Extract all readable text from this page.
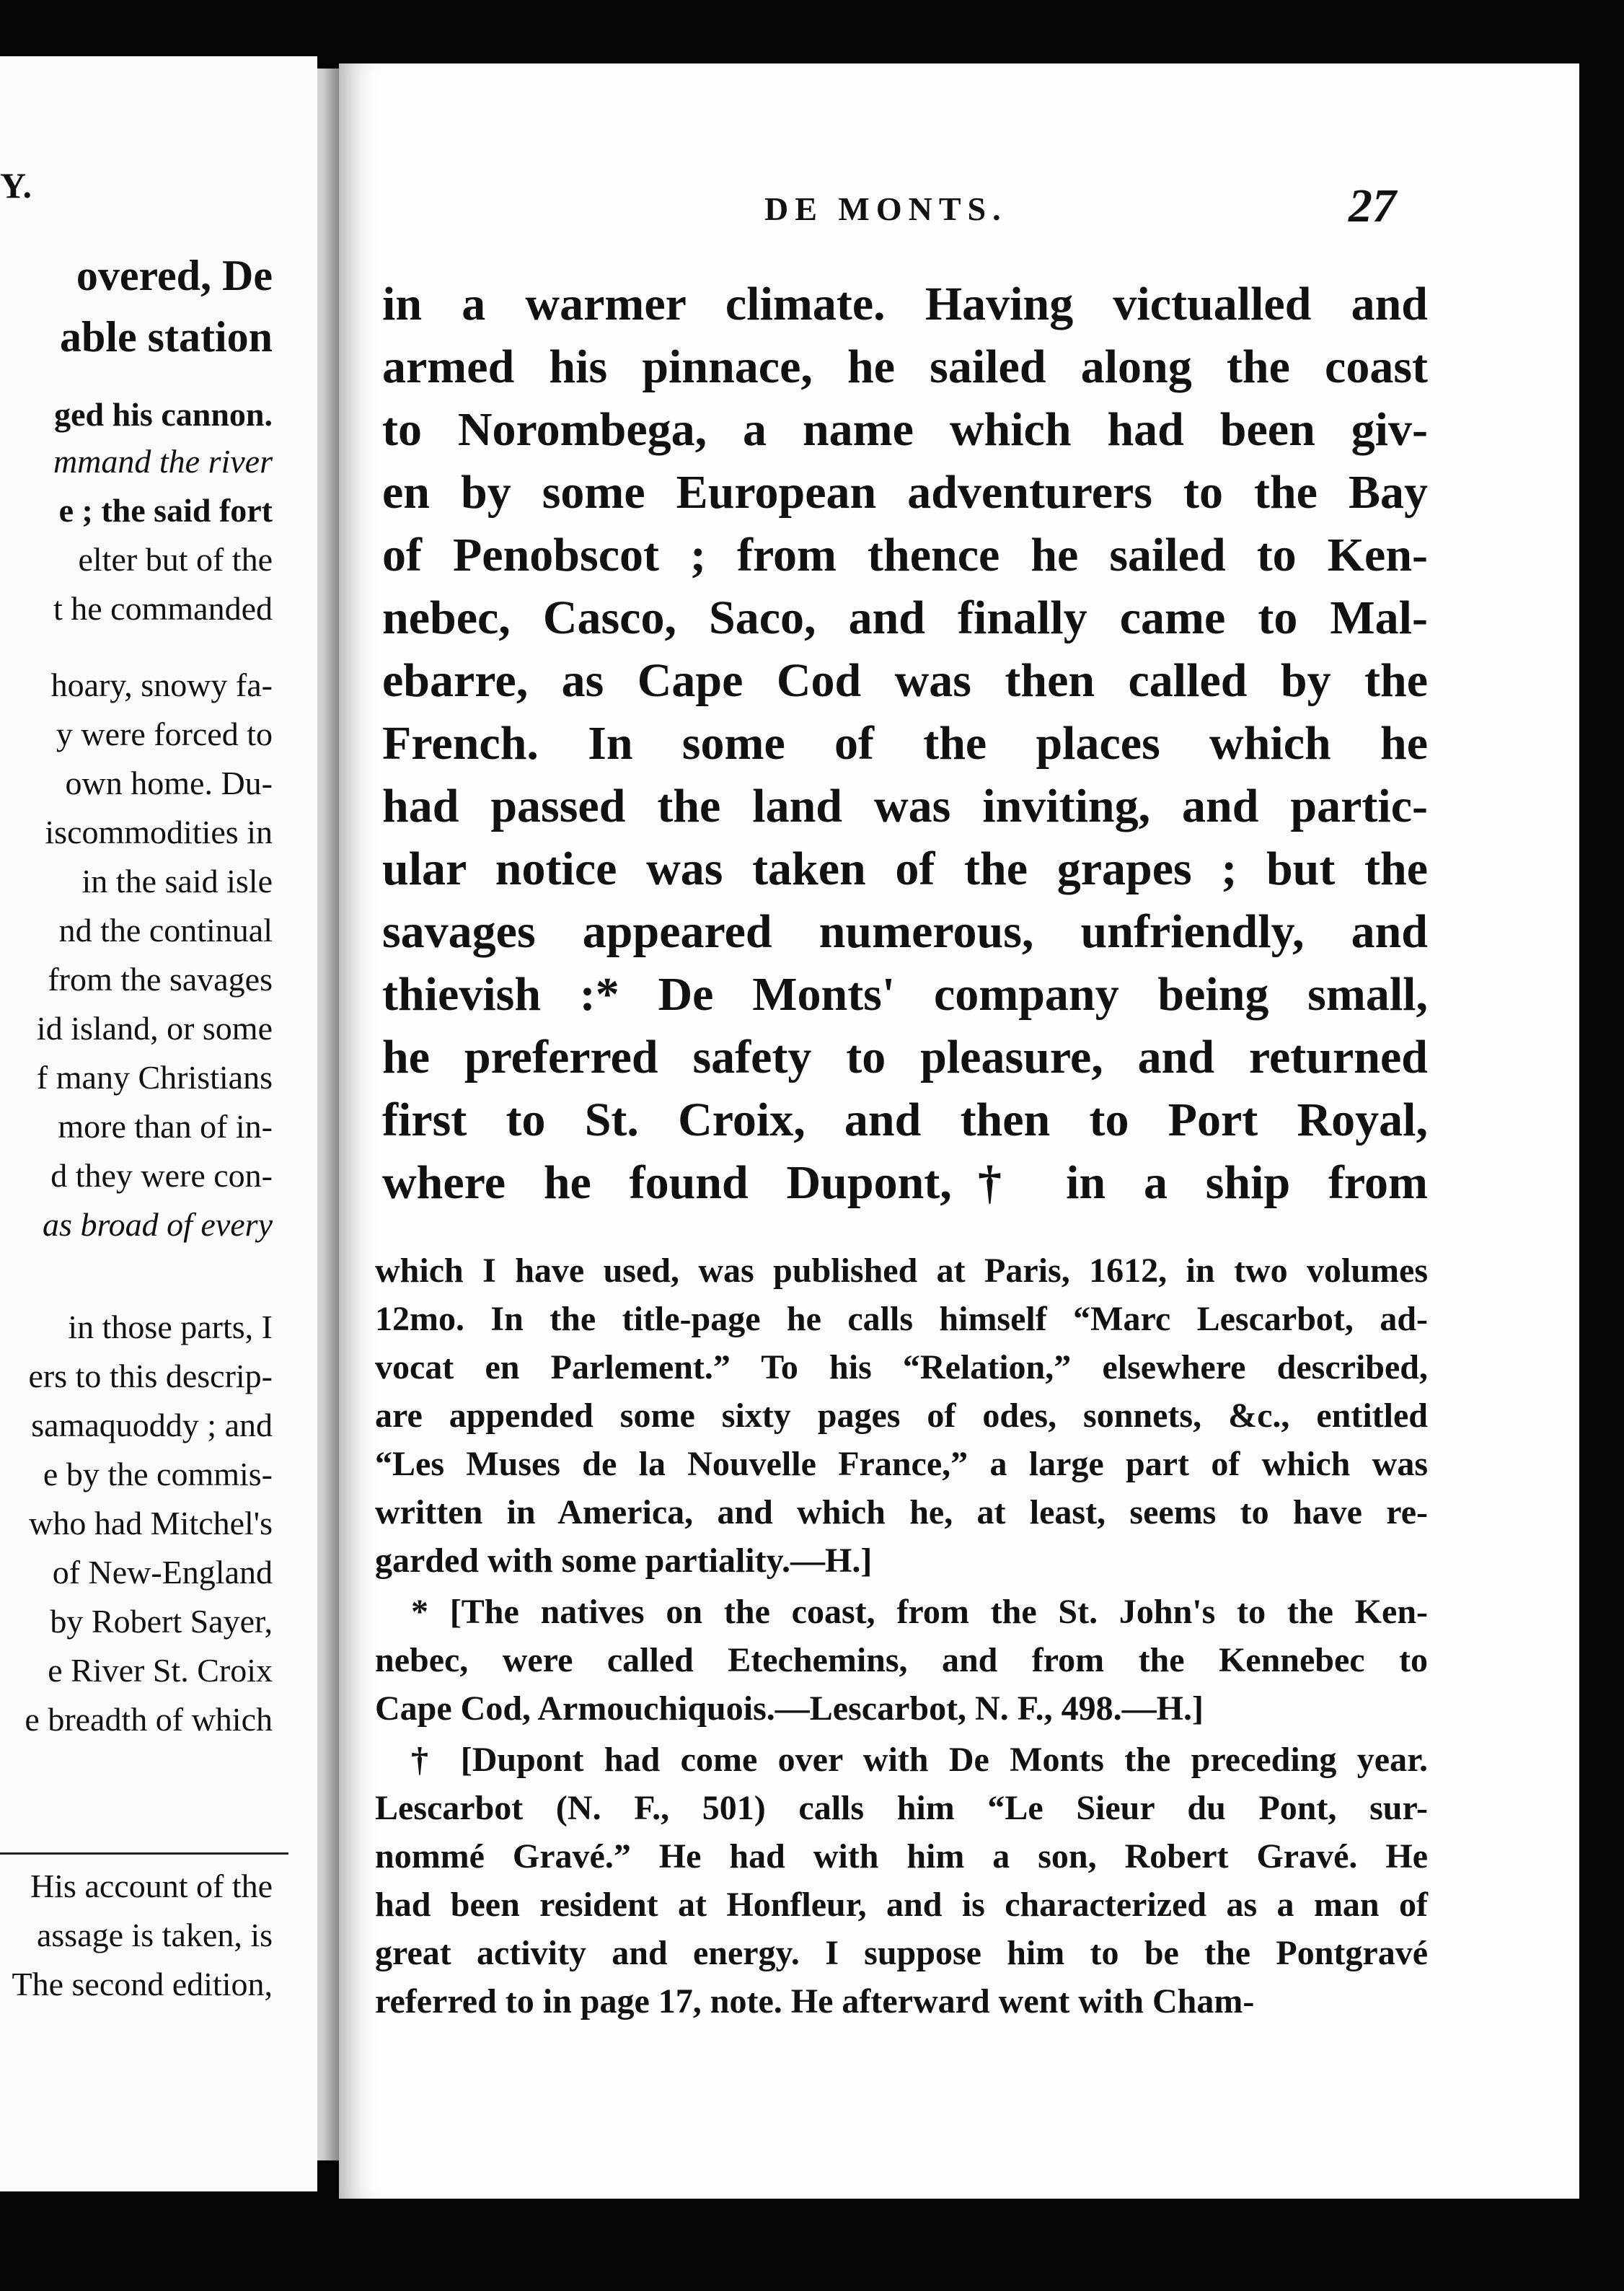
Y.
overed, De
able station
ged his cannon.
mmand the river
e ; the said fort
elter but of the
t he commanded
hoary, snowy fa-
y were forced to
own home. Du-
iscommodities in
in the said isle
nd the continual
from the savages
id island, or some
f many Christians
more than of in-
d they were con-
as broad of every
in those parts, I
ers to this descrip-
samaquoddy ; and
e by the commis-
who had Mitchel's
of New-England
by Robert Sayer,
e River St. Croix
e breadth of which
His account of the
assage is taken, is
The second edition,
DE MONTS.	27
in a warmer climate. Having victualled and
armed his pinnace, he sailed along the coast
to Norombega, a name which had been giv-
en by some European adventurers to the Bay
of Penobscot ; from thence he sailed to Ken-
nebec, Casco, Saco, and finally came to Mal-
ebarre, as Cape Cod was then called by the
French. In some of the places which he
had passed the land was inviting, and partic-
ular notice was taken of the grapes ; but the
savages appeared numerous, unfriendly, and
thievish :* De Monts' company being small,
he preferred safety to pleasure, and returned
first to St. Croix, and then to Port Royal,
where he found Dupont,† in a ship from
which I have used, was published at Paris, 1612, in two volumes
12mo. In the title-page he calls himself “Marc Lescarbot, ad-
vocat en Parlement.” To his “Relation,” elsewhere described,
are appended some sixty pages of odes, sonnets, &c., entitled
“Les Muses de la Nouvelle France,” a large part of which was
written in America, and which he, at least, seems to have re-
garded with some partiality.—H.]
* [The natives on the coast, from the St. John's to the Ken-
nebec, were called Etechemins, and from the Kennebec to
Cape Cod, Armouchiquois.—Lescarbot, N. F., 498.—H.]
† [Dupont had come over with De Monts the preceding year.
Lescarbot (N. F., 501) calls him “Le Sieur du Pont, sur-
nommé Gravé.” He had with him a son, Robert Gravé. He
had been resident at Honfleur, and is characterized as a man of
great activity and energy. I suppose him to be the Pontgravé
referred to in page 17, note. He afterward went with Cham-
